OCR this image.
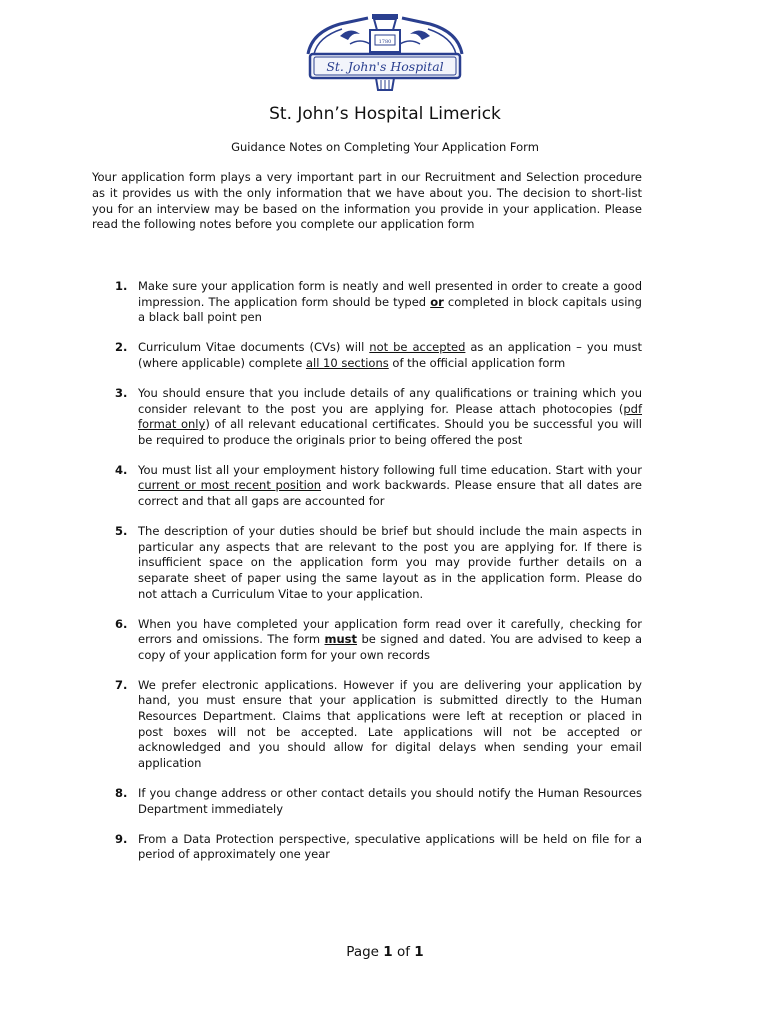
1780
St. John's Hospital
St. John’s Hospital Limerick
Guidance Notes on Completing Your Application Form

Your application form plays a very important part in our Recruitment and Selection procedure as it provides us with the only information that we have about you. The decision to short-list you for an interview may be based on the information you provide in your application. Please read the following notes before you complete our application form

1. Make sure your application form is neatly and well presented in order to create a good impression. The application form should be typed or completed in block capitals using a black ball point pen
2. Curriculum Vitae documents (CVs) will not be accepted as an application – you must (where applicable) complete all 10 sections of the official application form
3. You should ensure that you include details of any qualifications or training which you consider relevant to the post you are applying for. Please attach photocopies (pdf format only) of all relevant educational certificates. Should you be successful you will be required to produce the originals prior to being offered the post
4. You must list all your employment history following full time education. Start with your current or most recent position and work backwards. Please ensure that all dates are correct and that all gaps are accounted for
5. The description of your duties should be brief but should include the main aspects in particular any aspects that are relevant to the post you are applying for. If there is insufficient space on the application form you may provide further details on a separate sheet of paper using the same layout as in the application form. Please do not attach a Curriculum Vitae to your application.
6. When you have completed your application form read over it carefully, checking for errors and omissions. The form must be signed and dated. You are advised to keep a copy of your application form for your own records
7. We prefer electronic applications. However if you are delivering your application by hand, you must ensure that your application is submitted directly to the Human Resources Department. Claims that applications were left at reception or placed in post boxes will not be accepted. Late applications will not be accepted or acknowledged and you should allow for digital delays when sending your email application
8. If you change address or other contact details you should notify the Human Resources Department immediately
9. From a Data Protection perspective, speculative applications will be held on file for a period of approximately one year
Page 1 of 1
